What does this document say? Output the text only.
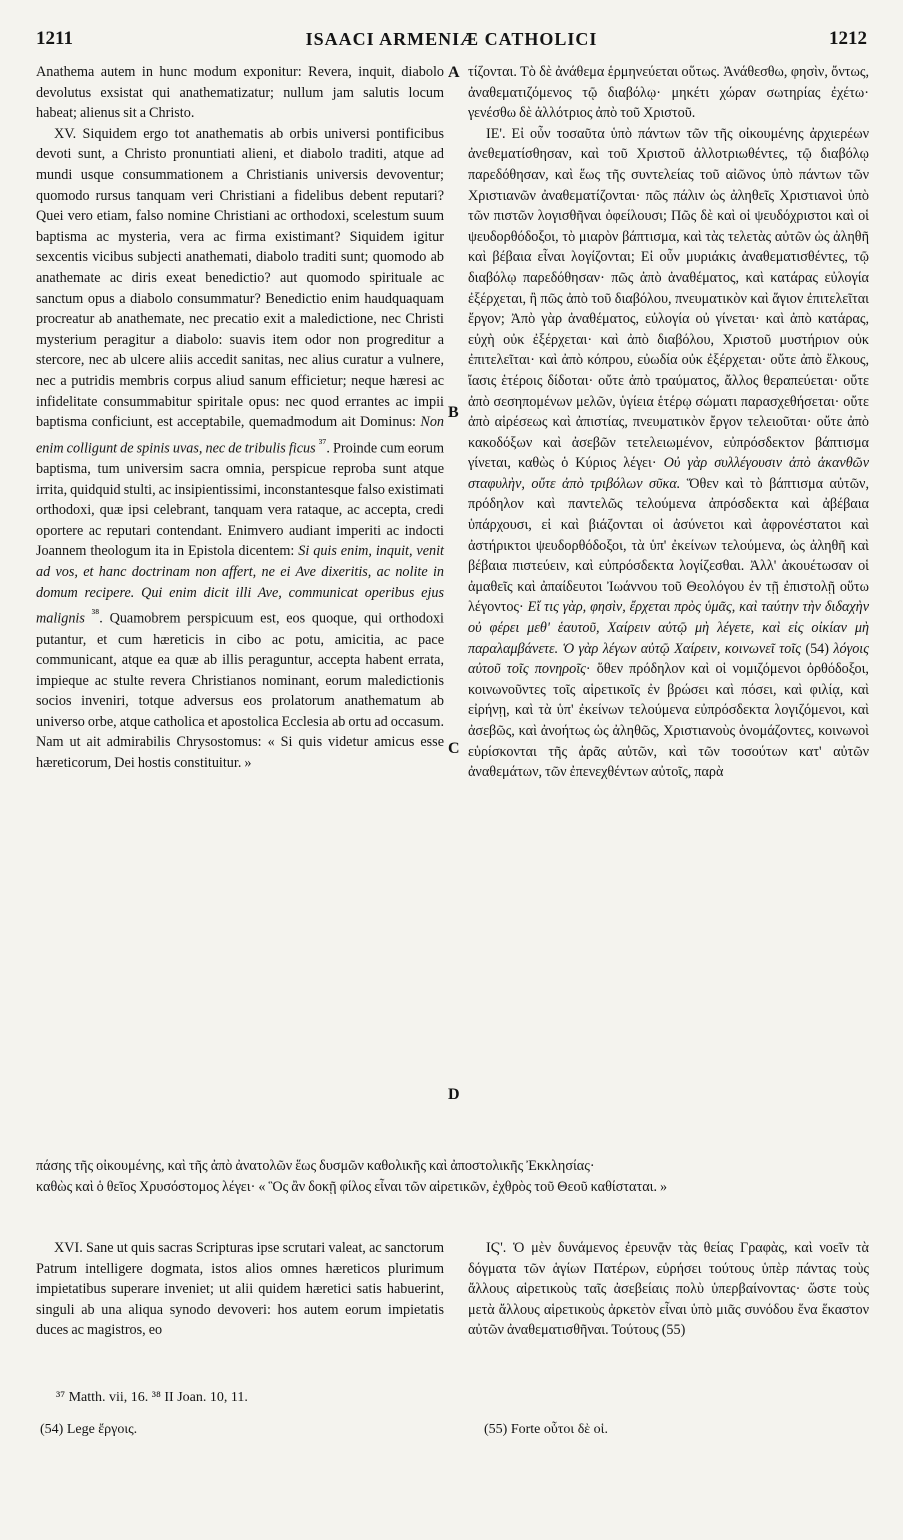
1211	ISAACI ARMENIÆ CATHOLICI	1212
A
B
C
D

Anathema autem in hunc modum exponitur: Revera, inquit, diabolo devolutus exsistat qui anathematizatur; nullum jam salutis locum habeat; alienus sit a Christo.

XV. Siquidem ergo tot anathematis ab orbis universi pontificibus devoti sunt, a Christo pronuntiati alieni, et diabolo traditi, atque ad mundi usque consummationem a Christianis universis devoventur; quomodo rursus tanquam veri Christiani a fidelibus debent reputari? Quei vero etiam, falso nomine Christiani ac orthodoxi, scelestum suum baptisma ac mysteria, vera ac firma existimant? Siquidem igitur sexcentis vicibus subjecti anathemati, diabolo traditi sunt; quomodo ab anathemate ac diris exeat benedictio? aut quomodo spirituale ac sanctum opus a diabolo consummatur? Benedictio enim haudquaquam procreatur ab anathemate, nec precatio exit a maledictione, nec Christi mysterium peragitur a diabolo: suavis item odor non progreditur a stercore, nec ab ulcere aliis accedit sanitas, nec alius curatur a vulnere, nec a putridis membris corpus aliud sanum efficietur; neque hæresi ac infidelitate consummabitur spiritale opus: nec quod errantes ac impii baptisma conficiunt, est acceptabile, quemadmodum ait Dominus: Non enim colligunt de spinis uvas, nec de tribulis ficus $^{^{37}}$. Proinde cum eorum baptisma, tum universim sacra omnia, perspicue reproba sunt atque irrita, quidquid stulti, ac insipientissimi, inconstantesque falso existimati orthodoxi, quæ ipsi celebrant, tanquam vera rataque, ac accepta, credi oportere ac reputari contendant. Enimvero audiant imperiti ac indocti Joannem theologum ita in Epistola dicentem: Si quis enim, inquit, venit ad vos, et hanc doctrinam non affert, ne ei Ave dixeritis, ac nolite in domum recipere. Qui enim dicit illi Ave, communicat operibus ejus malignis $^{^{38}}$. Quamobrem perspicuum est, eos quoque, qui orthodoxi putantur, et cum hæreticis in cibo ac potu, amicitia, ac pace communicant, atque ea quæ ab illis peraguntur, accepta habent errata, impieque ac stulte revera Christianos nominant, eorum maledictionis socios inveniri, totque adversus eos prolatorum anathematum ab universo orbe, atque catholica et apostolica Ecclesia ab ortu ad occasum. Nam ut ait admirabilis Chrysostomus: « Si quis videtur amicus esse hæreticorum, Dei hostis constituitur. »

τίζονται. Τὸ δὲ ἀνάθεμα ἑρμηνεύεται οὕτως. Ἀνάθεσθω, φησὶν, ὄντως, ἀναθεματιζόμενος τῷ διαβόλῳ· μηκέτι χώραν σωτηρίας ἐχέτω· γενέσθω δὲ ἀλλότριος ἀπὸ τοῦ Χριστοῦ.

ΙΕ'. Εἰ οὖν τοσαῦτα ὑπὸ πάντων τῶν τῆς οἰκουμένης ἀρχιερέων ἀνεθεματίσθησαν, καὶ τοῦ Χριστοῦ ἀλλοτριωθέντες, τῷ διαβόλῳ παρεδόθησαν, καὶ ἕως τῆς συντελείας τοῦ αἰῶνος ὑπὸ πάντων τῶν Χριστιανῶν ἀναθεματίζονται· πῶς πάλιν ὡς ἀληθεῖς Χριστιανοὶ ὑπὸ τῶν πιστῶν λογισθῆναι ὀφείλουσι; Πῶς δὲ καὶ οἱ ψευδόχριστοι καὶ οἱ ψευδορθόδοξοι, τὸ μιαρὸν βάπτισμα, καὶ τὰς τελετὰς αὐτῶν ὡς ἀληθῆ καὶ βέβαια εἶναι λογίζονται; Εἰ οὖν μυριάκις ἀναθεματισθέντες, τῷ διαβόλῳ παρεδόθησαν· πῶς ἀπὸ ἀναθέματος, καὶ κατάρας εὐλογία ἐξέρχεται, ἢ πῶς ἀπὸ τοῦ διαβόλου, πνευματικὸν καὶ ἅγιον ἐπιτελεῖται ἔργον; Ἀπὸ γὰρ ἀναθέματος, εὐλογία οὐ γίνεται· καὶ ἀπὸ κατάρας, εὐχὴ οὐκ ἐξέρχεται· καὶ ἀπὸ διαβόλου, Χριστοῦ μυστήριον οὐκ ἐπιτελεῖται· καὶ ἀπὸ κόπρου, εὐωδία οὐκ ἐξέρχεται· οὔτε ἀπὸ ἕλκους, ἴασις ἑτέροις δίδοται· οὔτε ἀπὸ τραύματος, ἄλλος θεραπεύεται· οὔτε ἀπὸ σεσηπομένων μελῶν, ὑγίεια ἑτέρῳ σώματι παρασχεθήσεται· οὔτε ἀπὸ αἱρέσεως καὶ ἀπιστίας, πνευματικὸν ἔργον τελειοῦται· οὔτε ἀπὸ κακοδόξων καὶ ἀσεβῶν τετελειωμένον, εὐπρόσδεκτον βάπτισμα γίνεται, καθὼς ὁ Κύριος λέγει· Οὐ γὰρ συλλέγουσιν ἀπὸ ἀκανθῶν σταφυλὴν, οὔτε ἀπὸ τριβόλων σῦκα. Ὅθεν καὶ τὸ βάπτισμα αὐτῶν, πρόδηλον καὶ παντελῶς τελούμενα ἀπρόσδεκτα καὶ ἀβέβαια ὑπάρχουσι, εἰ καὶ βιάζονται οἱ ἀσύνετοι καὶ ἀφρονέστατοι καὶ ἀστήρικτοι ψευδορθόδοξοι, τὰ ὑπ' ἐκείνων τελούμενα, ὡς ἀληθῆ καὶ βέβαια πιστεύειν, καὶ εὐπρόσδεκτα λογίζεσθαι. Ἀλλ' ἀκουέτωσαν οἱ ἀμαθεῖς καὶ ἀπαίδευτοι Ἰωάννου τοῦ Θεολόγου ἐν τῇ ἐπιστολῇ οὕτω λέγοντος· Εἴ τις γὰρ, φησὶν, ἔρχεται πρὸς ὑμᾶς, καὶ ταύτην τὴν διδαχὴν οὐ φέρει μεθ' ἑαυτοῦ, Χαίρειν αὐτῷ μὴ λέγετε, καὶ εἰς οἰκίαν μὴ παραλαμβάνετε. Ὁ γὰρ λέγων αὐτῷ Χαίρειν, κοινωνεῖ τοῖς (54) λόγοις αὐτοῦ τοῖς πονηροῖς· ὅθεν πρόδηλον καὶ οἱ νομιζόμενοι ὀρθόδοξοι, κοινωνοῦντες τοῖς αἱρετικοῖς ἐν βρώσει καὶ πόσει, καὶ φιλίᾳ, καὶ εἰρήνῃ, καὶ τὰ ὑπ' ἐκείνων τελούμενα εὐπρόσδεκτα λογιζόμενοι, καὶ ἀσεβῶς, καὶ ἀνοήτως ὡς ἀληθῶς, Χριστιανοὺς ὀνομάζοντες, κοινωνοὶ εὑρίσκονται τῆς ἀρᾶς αὐτῶν, καὶ τῶν τοσούτων κατ' αὐτῶν ἀναθεμάτων, τῶν ἐπενεχθέντων αὐτοῖς, παρὰ

πάσης τῆς οἰκουμένης, καὶ τῆς ἀπὸ ἀνατολῶν ἕως δυσμῶν καθολικῆς καὶ ἀποστολικῆς Ἐκκλησίας·

καθὼς καὶ ὁ θεῖος Χρυσόστομος λέγει· « Ὃς ἂν δοκῇ φίλος εἶναι τῶν αἱρετικῶν, ἐχθρὸς τοῦ Θεοῦ καθίσταται. »

XVI. Sane ut quis sacras Scripturas ipse scrutari valeat, ac sanctorum Patrum intelligere dogmata, istos alios omnes hæreticos plurimum impietatibus superare inveniet; ut alii quidem hæretici satis habuerint, singuli ab una aliqua synodo devoveri: hos autem eorum impietatis duces ac magistros, eo

ΙϚ'. Ὁ μὲν δυνάμενος ἐρευνᾷν τὰς θείας Γραφὰς, καὶ νοεῖν τὰ δόγματα τῶν ἁγίων Πατέρων, εὑρήσει τούτους ὑπὲρ πάντας τοὺς ἄλλους αἱρετικοὺς ταῖς ἀσεβείαις πολὺ ὑπερβαίνοντας· ὥστε τοὺς μετὰ ἄλλους αἱρετικοὺς ἀρκετὸν εἶναι ὑπὸ μιᾶς συνόδου ἕνα ἕκαστον αὐτῶν ἀναθεματισθῆναι. Τούτους (55)

³⁷ Matth. vii, 16. ³⁸ II Joan. 10, 11.
(54) Lege ἔργοις.	(55) Forte οὗτοι δὲ οἱ.
